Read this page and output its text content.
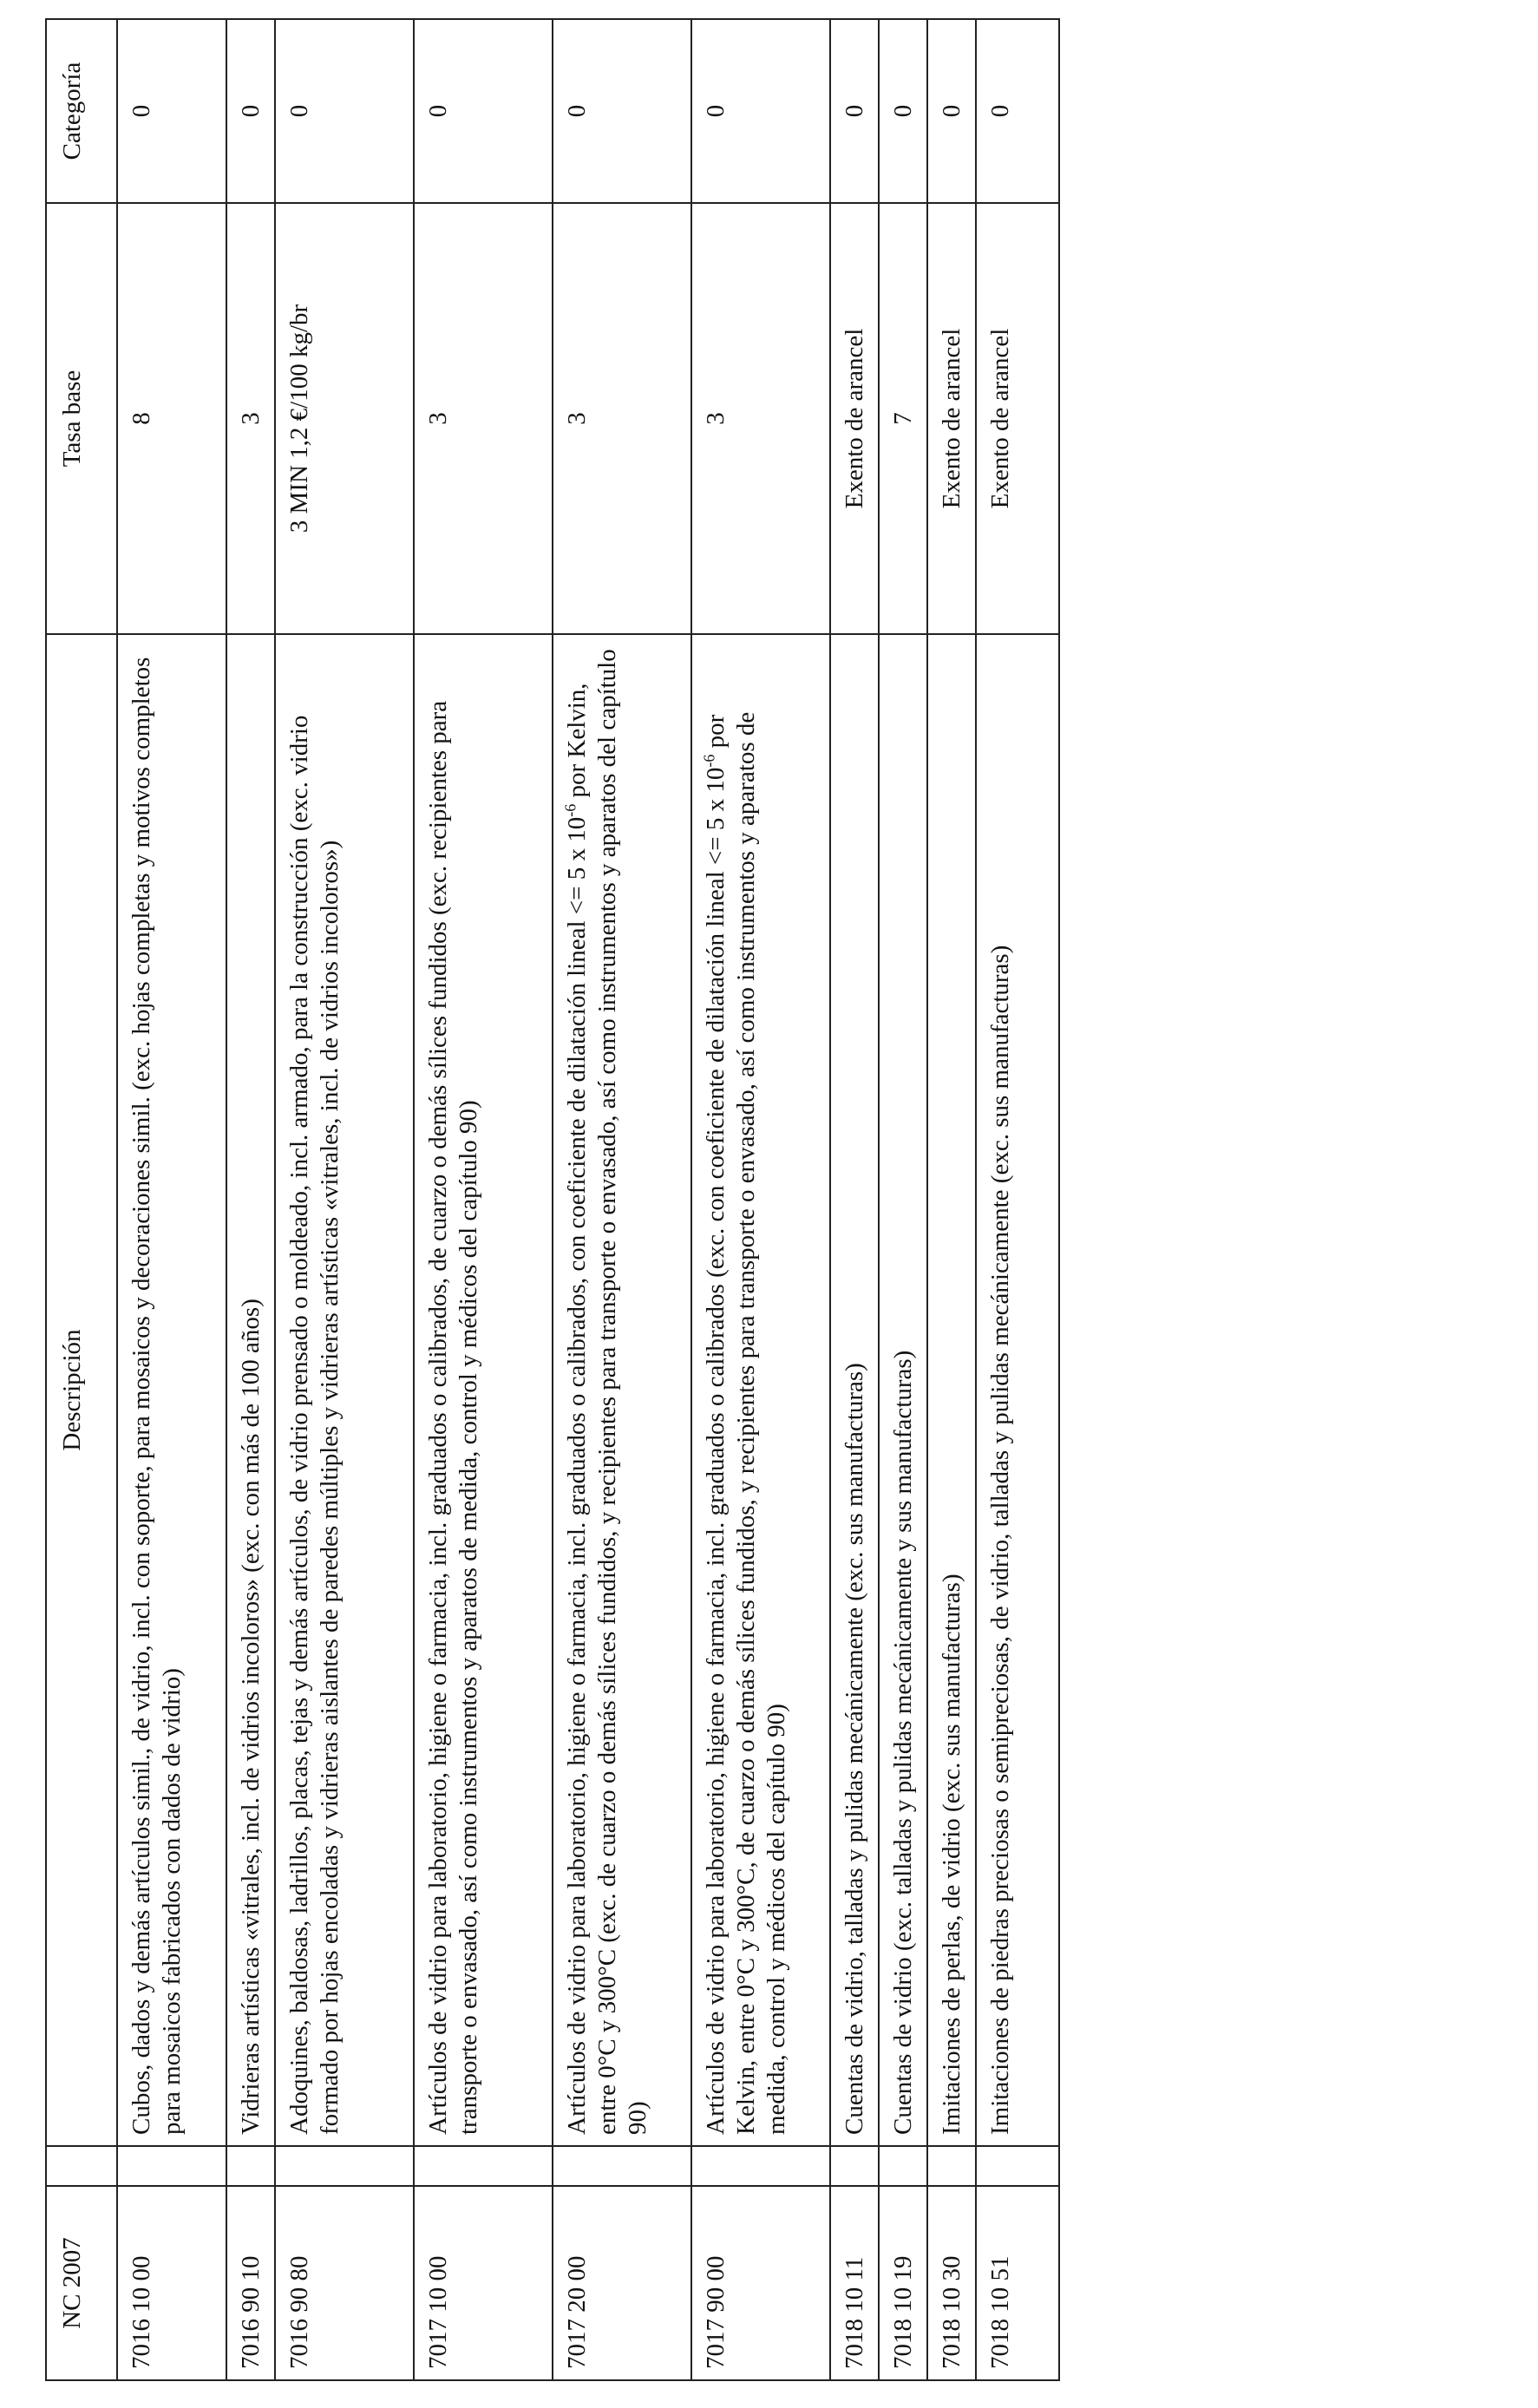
NC 2007		Descripción	Tasa base	Categoría
7016 10 00		Cubos, dados y demás artículos simil., de vidrio, incl. con soporte, para mosaicos y decoraciones simil. (exc. hojas completas y motivos completos para mosaicos fabricados con dados de vidrio)	8	0
7016 90 10		Vidrieras artísticas «vitrales, incl. de vidrios incoloros» (exc. con más de 100 años)	3	0
7016 90 80		Adoquines, baldosas, ladrillos, placas, tejas y demás artículos, de vidrio prensado o moldeado, incl. armado, para la construcción (exc. vidrio formado por hojas encoladas y vidrieras aislantes de paredes múltiples y vidrieras artísticas «vitrales, incl. de vidrios incoloros»)	3 MIN 1,2 €/100 kg/br	0
7017 10 00		Artículos de vidrio para laboratorio, higiene o farmacia, incl. graduados o calibrados, de cuarzo o demás sílices fundidos (exc. recipientes para transporte o envasado, así como instrumentos y aparatos de medida, control y médicos del capítulo 90)	3	0
7017 20 00		Artículos de vidrio para laboratorio, higiene o farmacia, incl. graduados o calibrados, con coeficiente de dilatación lineal <= 5 x $10^{-6}$ por Kelvin, entre 0°C y 300°C (exc. de cuarzo o demás sílices fundidos, y recipientes para transporte o envasado, así como instrumentos y aparatos del capítulo 90)	3	0
7017 90 00		Artículos de vidrio para laboratorio, higiene o farmacia, incl. graduados o calibrados (exc. con coeficiente de dilatación lineal <= 5 x $10^{-6}$ por Kelvin, entre 0°C y 300°C, de cuarzo o demás sílices fundidos, y recipientes para transporte o envasado, así como instrumentos y aparatos de medida, control y médicos del capítulo 90)	3	0
7018 10 11		Cuentas de vidrio, talladas y pulidas mecánicamente (exc. sus manufacturas)	Exento de arancel	0
7018 10 19		Cuentas de vidrio (exc. talladas y pulidas mecánicamente y sus manufacturas)	7	0
7018 10 30		Imitaciones de perlas, de vidrio (exc. sus manufacturas)	Exento de arancel	0
7018 10 51		Imitaciones de piedras preciosas o semipreciosas, de vidrio, talladas y pulidas mecánicamente (exc. sus manufacturas)	Exento de arancel	0
